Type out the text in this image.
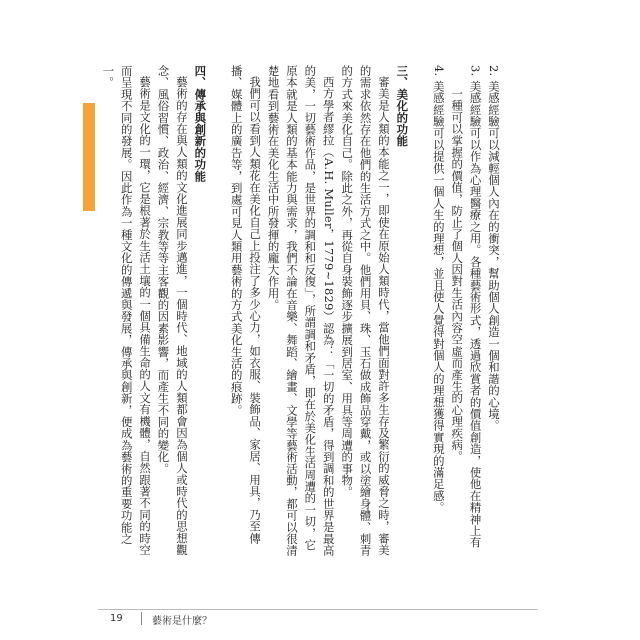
2. 美感經驗可以減輕個人內在的衝突，幫助個人創造一個和諧的心境。

3. 美感經驗可以作為心理醫療之用。各種藝術形式，透過欣賞者的價值創造，使他在精神上有一種可以掌握的價值，防止了個人因對生活內容空虛而產生的心理疾病。

4. 美感經驗可以提供一個人生的理想，並且使人覺得對個人的理想獲得實現的滿足感。

三、美化的功能

審美是人類的本能之一，即使在原始人類時代，當他們面對許多生存及繁衍的威脅之時，審美的需求依然存在他們的生活方式之中。他們用貝、珠、玉石做成飾品穿戴，或以塗繪身體、刺青的方式來美化自己。除此之外，再從自身裝飾逐步擴展到居室、用具等周遭的事物。

西方學者繆拉（A.H. Muller，1779~1829）認為：「一切的矛盾，得到調和的世界是最高的美，一切藝術作品，是世界的調和和反復」，所謂調和矛盾，即在於美化生活周遭的一切，它原本就是人類的基本能力與需求，我們不論在音樂、舞蹈、繪畫、文學等藝術活動，都可以很清楚地看到藝術在美化生活中所發揮的龐大作用。

我們可以看到人類花在美化自己上投注了多少心力，如衣服、裝飾品、家居、用具，乃至傳播、媒體上的廣告等，到處可見人類用藝術的方式美化生活的痕跡。

四、傳承與創新的功能

藝術的存在與人類的文化進展同步邁進，一個時代、地域的人類都會因為個人或時代的思想觀念、風俗習慣、政治、經濟、宗教等等主客觀的因素影響，而產生不同的變化。

藝術是文化的一環，它是根著於生活土壤的一個具備生命的人文有機體，自然跟著不同的時空而呈現不同的發展。因此作為一種文化的傳遞與發展，傳承與創新，便成為藝術的重要功能之一。

19	藝術是什麼？
